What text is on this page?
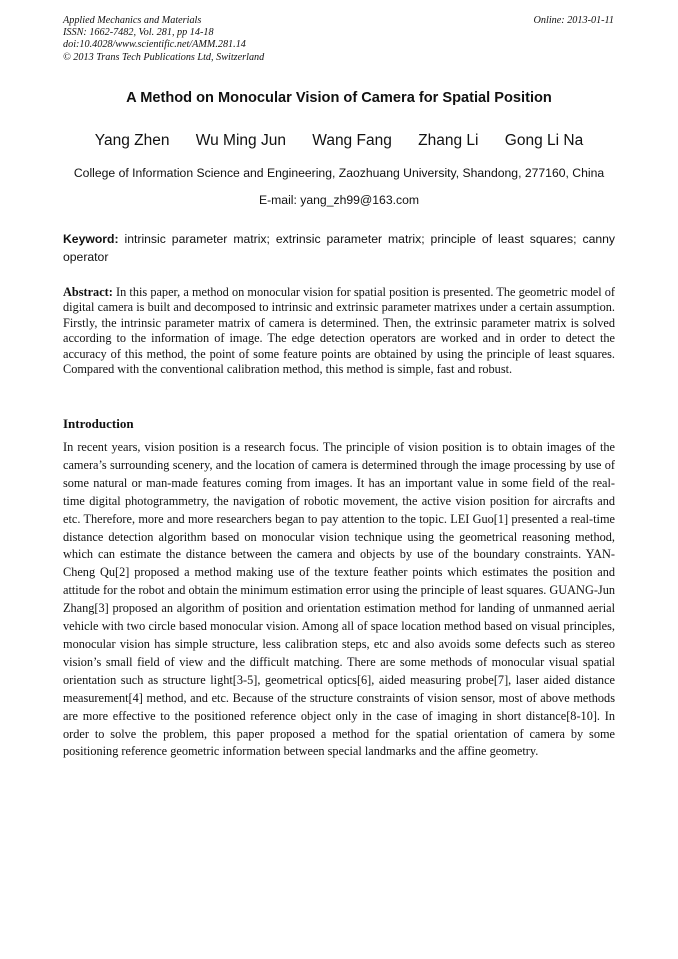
Applied Mechanics and Materials
ISSN: 1662-7482, Vol. 281, pp 14-18
doi:10.4028/www.scientific.net/AMM.281.14
© 2013 Trans Tech Publications Ltd, Switzerland
Online: 2013-01-11
A Method on Monocular Vision of Camera for Spatial Position
Yang Zhen Wu Ming Jun Wang Fang Zhang Li Gong Li Na
College of Information Science and Engineering, Zaozhuang University, Shandong, 277160, China
E-mail: yang_zh99@163.com
Keyword: intrinsic parameter matrix; extrinsic parameter matrix; principle of least squares; canny operator
Abstract: In this paper, a method on monocular vision for spatial position is presented. The geometric model of digital camera is built and decomposed to intrinsic and extrinsic parameter matrixes under a certain assumption. Firstly, the intrinsic parameter matrix of camera is determined. Then, the extrinsic parameter matrix is solved according to the information of image. The edge detection operators are worked and in order to detect the accuracy of this method, the point of some feature points are obtained by using the principle of least squares. Compared with the conventional calibration method, this method is simple, fast and robust.
Introduction
In recent years, vision position is a research focus. The principle of vision position is to obtain images of the camera’s surrounding scenery, and the location of camera is determined through the image processing by use of some natural or man-made features coming from images. It has an important value in some field of the real-time digital photogrammetry, the navigation of robotic movement, the active vision position for aircrafts and etc. Therefore, more and more researchers began to pay attention to the topic. LEI Guo[1] presented a real-time distance detection algorithm based on monocular vision technique using the geometrical reasoning method, which can estimate the distance between the camera and objects by use of the boundary constraints. YAN-Cheng Qu[2] proposed a method making use of the texture feather points which estimates the position and attitude for the robot and obtain the minimum estimation error using the principle of least squares. GUANG-Jun Zhang[3] proposed an algorithm of position and orientation estimation method for landing of unmanned aerial vehicle with two circle based monocular vision. Among all of space location method based on visual principles, monocular vision has simple structure, less calibration steps, etc and also avoids some defects such as stereo vision’s small field of view and the difficult matching. There are some methods of monocular visual spatial orientation such as structure light[3-5], geometrical optics[6], aided measuring probe[7], laser aided distance measurement[4] method, and etc. Because of the structure constraints of vision sensor, most of above methods are more effective to the positioned reference object only in the case of imaging in short distance[8-10]. In order to solve the problem, this paper proposed a method for the spatial orientation of camera by some positioning reference geometric information between special landmarks and the affine geometry.
